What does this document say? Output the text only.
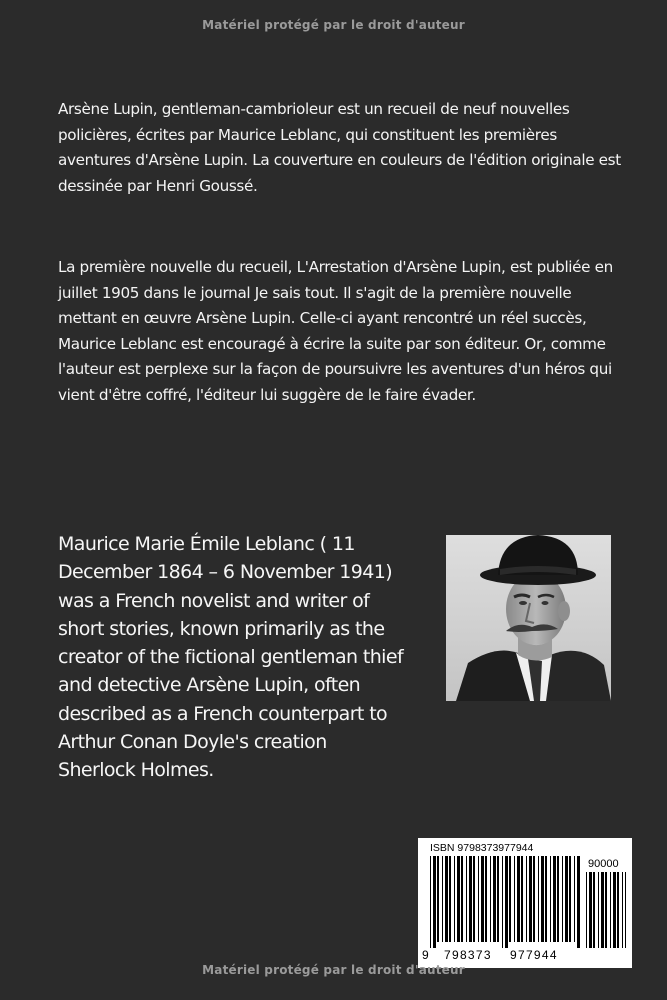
Matériel protégé par le droit d'auteur

Arsène Lupin, gentleman-cambrioleur est un recueil de neuf nouvelles policières, écrites par Maurice Leblanc, qui constituent les premières aventures d'Arsène Lupin. La couverture en couleurs de l'édition originale est dessinée par Henri Goussé.

La première nouvelle du recueil, L'Arrestation d'Arsène Lupin, est publiée en juillet 1905 dans le journal Je sais tout. Il s'agit de la première nouvelle mettant en œuvre Arsène Lupin. Celle-ci ayant rencontré un réel succès, Maurice Leblanc est encouragé à écrire la suite par son éditeur. Or, comme l'auteur est perplexe sur la façon de poursuivre les aventures d'un héros qui vient d'être coffré, l'éditeur lui suggère de le faire évader.

Maurice Marie Émile Leblanc ( 11 December 1864 – 6 November 1941) was a French novelist and writer of short stories, known primarily as the creator of the fictional gentleman thief and detective Arsène Lupin, often described as a French counterpart to Arthur Conan Doyle's creation Sherlock Holmes.

ISBN 9798373977944
90000
9 798373 977944
Matériel protégé par le droit d'auteur
